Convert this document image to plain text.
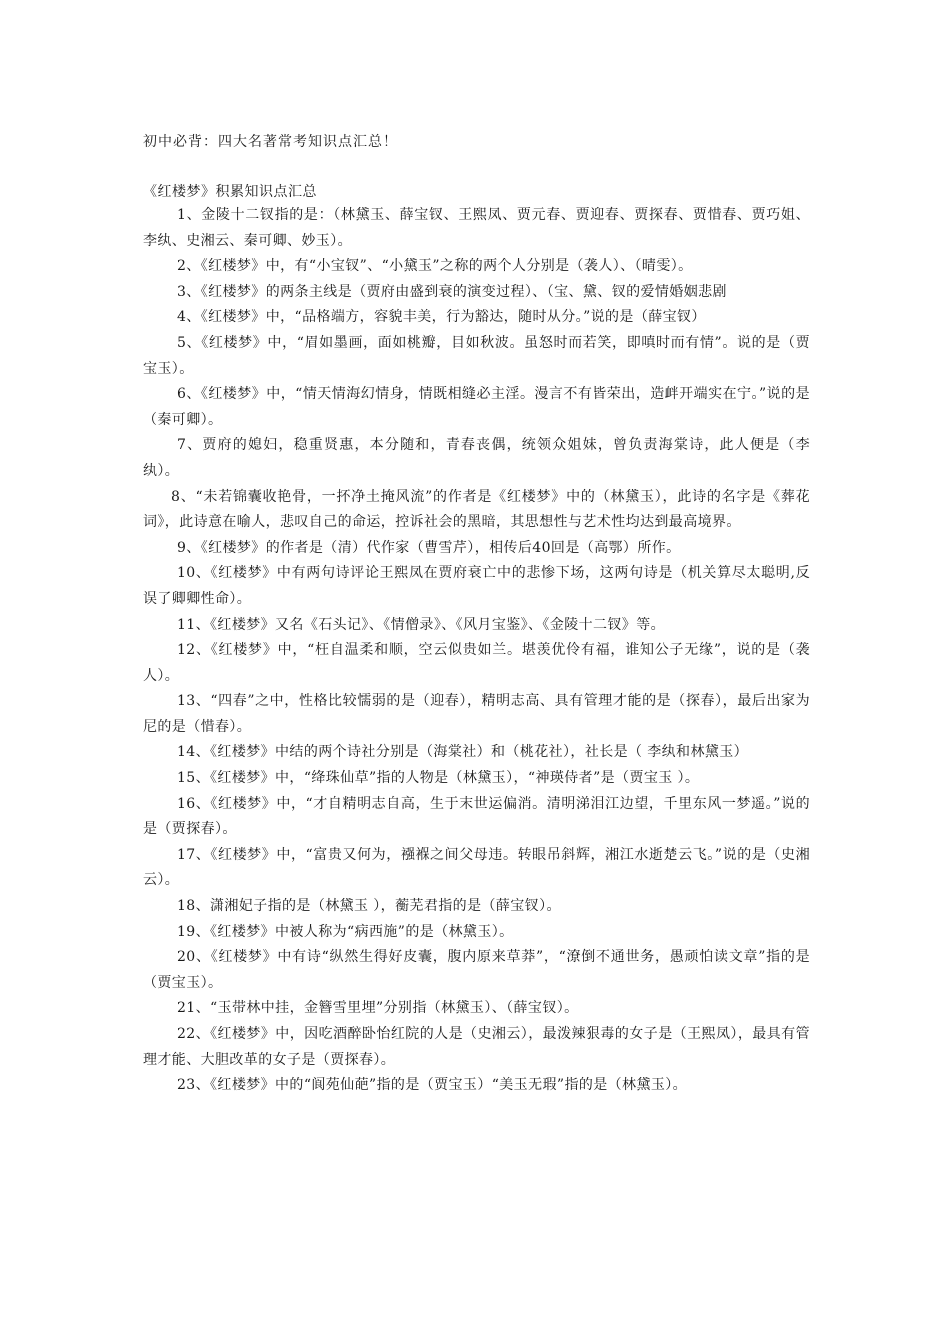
初中必背：四大名著常考知识点汇总！
《红楼梦》积累知识点汇总

1、金陵十二钗指的是：（林黛玉、薛宝钗、王熙凤、贾元春、贾迎春、贾探春、贾惜春、贾巧姐、李纨、史湘云、秦可卿、妙玉）。

2、《红楼梦》中，有“小宝钗”、“小黛玉”之称的两个人分别是（袭人）、（晴雯）。

3、《红楼梦》的两条主线是（贾府由盛到衰的演变过程）、（宝、黛、钗的爱情婚姻悲剧

4、《红楼梦》中，“品格端方，容貌丰美，行为豁达，随时从分。”说的是（薛宝钗）

5、《红楼梦》中，“眉如墨画，面如桃瓣，目如秋波。虽怒时而若笑，即嗔时而有情”。说的是（贾宝玉）。

6、《红楼梦》中，“情天情海幻情身，情既相缝必主淫。漫言不有皆荣出，造衅开端实在宁。”说的是（秦可卿）。

7、贾府的媳妇，稳重贤惠，本分随和，青春丧偶，统领众姐妹，曾负责海棠诗，此人便是（李纨）。

8、“未若锦囊收艳骨，一抔净土掩风流”的作者是《红楼梦》中的（林黛玉），此诗的名字是《葬花词》，此诗意在喻人，悲叹自己的命运，控诉社会的黑暗，其思想性与艺术性均达到最高境界。

9、《红楼梦》的作者是（清）代作家（曹雪芹），相传后40回是（高鄂）所作。

10、《红楼梦》中有两句诗评论王熙凤在贾府衰亡中的悲惨下场，这两句诗是（机关算尽太聪明,反误了卿卿性命）。

11、《红楼梦》又名《石头记》、《情僧录》、《风月宝鉴》、《金陵十二钗》等。

12、《红楼梦》中，“枉自温柔和顺，空云似贵如兰。堪羡优伶有福，谁知公子无缘”，说的是（袭人）。

13、“四春”之中，性格比较懦弱的是（迎春），精明志高、具有管理才能的是（探春），最后出家为尼的是（惜春）。

14、《红楼梦》中结的两个诗社分别是（海棠社）和（桃花社），社长是（ 李纨和林黛玉）

15、《红楼梦》中，“绛珠仙草”指的人物是（林黛玉），“神瑛侍者”是（贾宝玉 ）。

16、《红楼梦》中，“才自精明志自高，生于末世运偏消。清明涕泪江边望，千里东风一梦遥。”说的是（贾探春）。

17、《红楼梦》中，“富贵又何为，襁褓之间父母违。转眼吊斜辉，湘江水逝楚云飞。”说的是（史湘云）。

18、潇湘妃子指的是（林黛玉 ），蘅芜君指的是（薛宝钗）。

19、《红楼梦》中被人称为“病西施”的是（林黛玉）。

20、《红楼梦》中有诗“纵然生得好皮囊，腹内原来草莽”，“潦倒不通世务，愚顽怕读文章”指的是（贾宝玉）。

21、“玉带林中挂，金簪雪里埋”分别指（林黛玉）、（薛宝钗）。

22、《红楼梦》中，因吃酒醉卧怡红院的人是（史湘云），最泼辣狠毒的女子是（王熙凤），最具有管理才能、大胆改革的女子是（贾探春）。

23、《红楼梦》中的“阆苑仙葩”指的是（贾宝玉）“美玉无瑕”指的是（林黛玉）。
